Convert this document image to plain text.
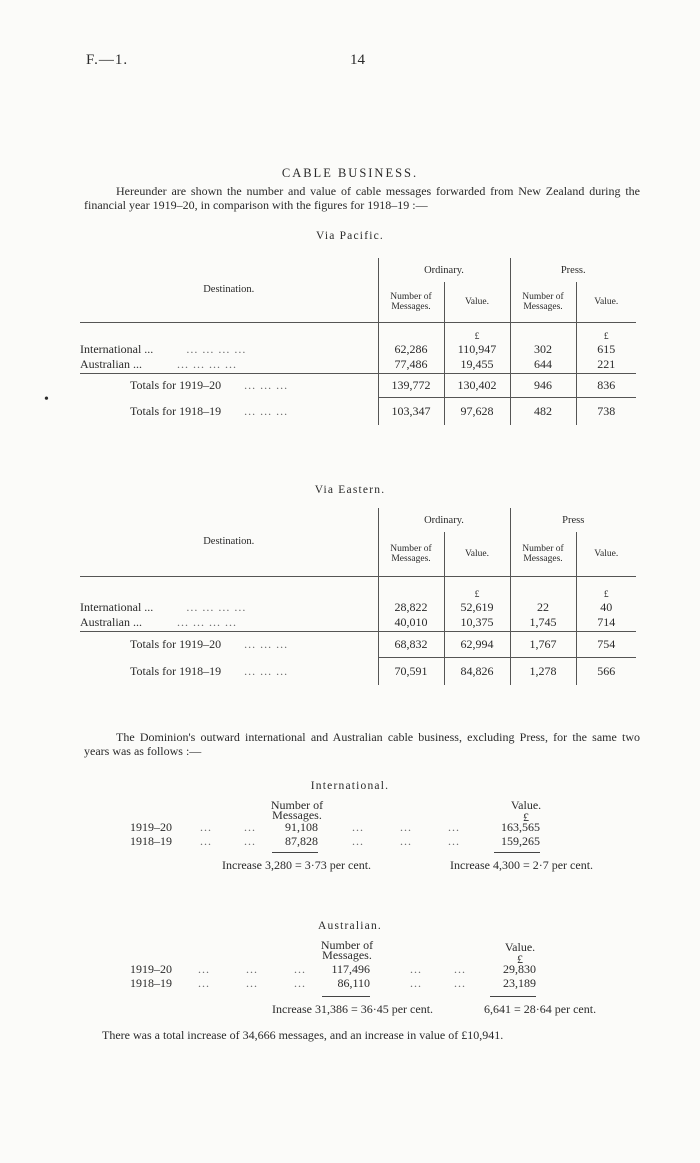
F.—1.	14
CABLE BUSINESS.
Hereunder are shown the number and value of cable messages forwarded from New Zealand during the financial year 1919–20, in comparison with the figures for 1918–19 :—
Via Pacific.
Destination.	Ordinary.		Press.	
	Number of Messages.	Value.	Number of Messages.	Value.
		£		£
International ... ... ... ... ...	62,286	110,947	302	615
Australian ... ... ... ... ...	77,486	19,455	644	221
Totals for 1919–20 ... ... ...	139,772	130,402	946	836
Totals for 1918–19 ... ... ...	103,347	97,628	482	738
•
Via Eastern.
Destination.	Ordinary.		Press	
	Number of Messages.	Value.	Number of Messages.	Value.
		£		£
International ... ... ... ... ...	28,822	52,619	22	40
Australian ... ... ... ... ...	40,010	10,375	1,745	714
Totals for 1919–20 ... ... ...	68,832	62,994	1,767	754
Totals for 1918–19 ... ... ...	70,591	84,826	1,278	566
The Dominion's outward international and Australian cable business, excluding Press, for the same two years was as follows :—
International.
Number of Messages.
Value.
£
1919–20 ...        ...	91,108	...         ...         ...	163,565
1918–19 ...        ...	87,828	...         ...         ...	159,265
Increase 3,280 = 3·73 per cent.	Increase 4,300 = 2·7 per cent.
Australian.
Number of Messages.
Value.
£
1919–20 ...         ...         ...	117,496	...        ...	29,830
1918–19 ...         ...         ...	86,110	...        ...	23,189
Increase 31,386 = 36·45 per cent.	6,641 = 28·64 per cent.
There was a total increase of 34,666 messages, and an increase in value of £10,941.
